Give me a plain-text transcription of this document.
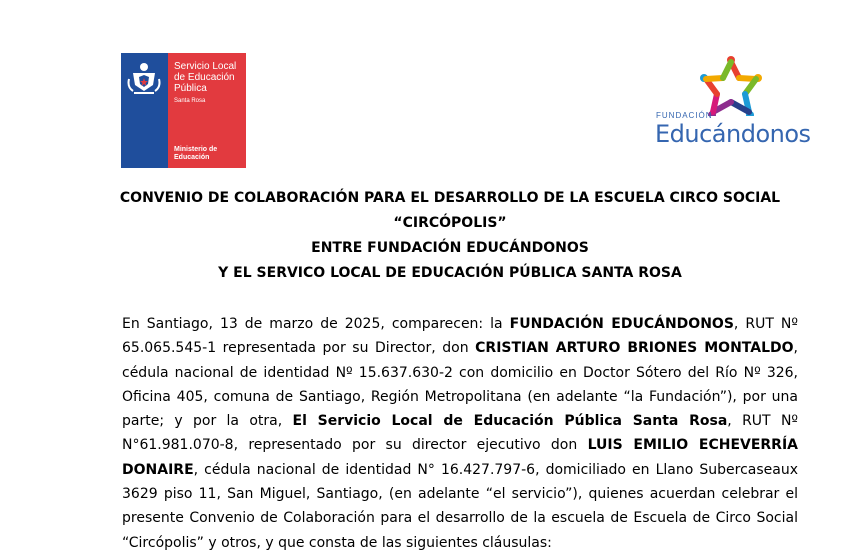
Servicio Local
de Educación
Pública
Santa Rosa
Ministerio de
Educación
FUNDACIÓN
Educándonos
CONVENIO DE COLABORACIÓN PARA EL DESARROLLO DE LA ESCUELA CIRCO SOCIAL
“CIRCÓPOLIS”
ENTRE FUNDACIÓN EDUCÁNDONOS
Y EL SERVICO LOCAL DE EDUCACIÓN PÚBLICA SANTA ROSA

En Santiago, 13 de marzo de 2025, comparecen: la FUNDACIÓN EDUCÁNDONOS, RUT Nº 65.065.545-1 representada por su Director, don CRISTIAN ARTURO BRIONES MONTALDO, cédula nacional de identidad Nº 15.637.630-2 con domicilio en Doctor Sótero del Río Nº 326, Oficina 405, comuna de Santiago, Región Metropolitana (en adelante “la Fundación”), por una parte; y por la otra, El Servicio Local de Educación Pública Santa Rosa, RUT Nº N°61.981.070-8, representado por su director ejecutivo don LUIS EMILIO ECHEVERRÍA DONAIRE, cédula nacional de identidad N° 16.427.797-6, domiciliado en Llano Subercaseaux 3629 piso 11, San Miguel, Santiago, (en adelante “el servicio”), quienes acuerdan celebrar el presente Convenio de Colaboración para el desarrollo de la escuela de Escuela de Circo Social “Circópolis” y otros, y que consta de las siguientes cláusulas:
